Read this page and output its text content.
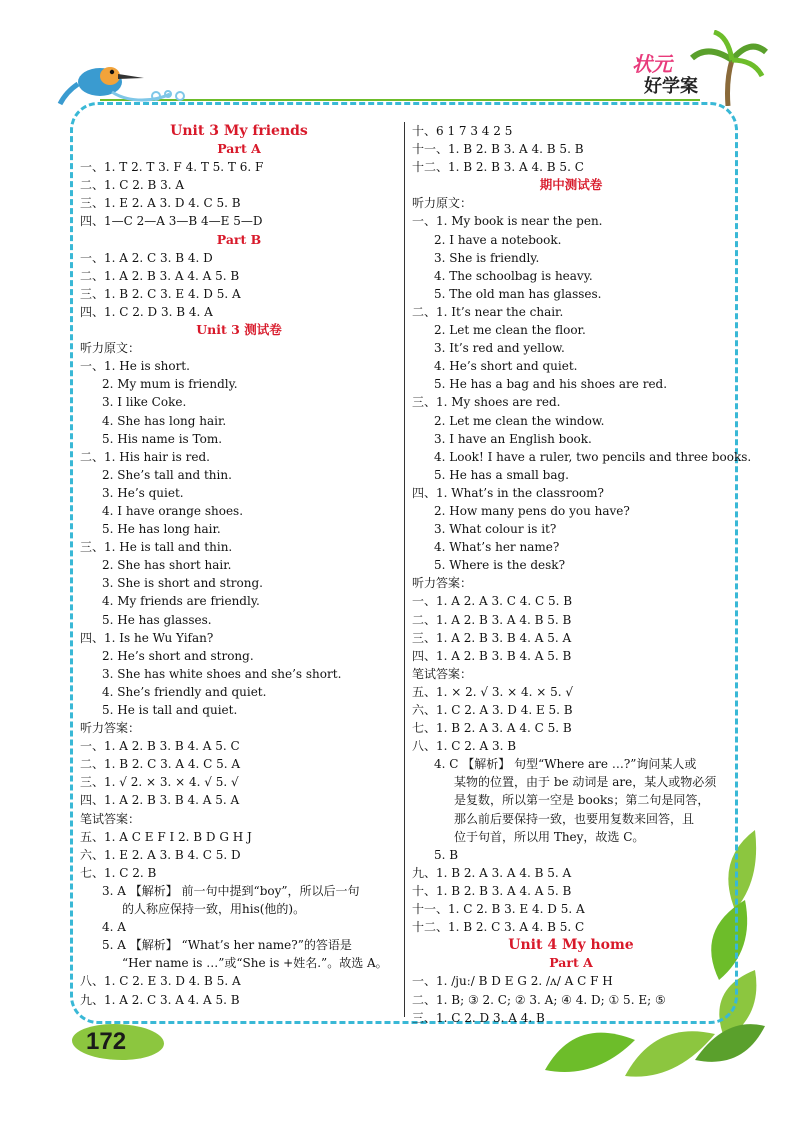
状元
好学案
Unit 3 My friends
Part A
一、1. T 2. T 3. F 4. T 5. T 6. F
二、1. C 2. B 3. A
三、1. E 2. A 3. D 4. C 5. B
四、1—C 2—A 3—B 4—E 5—D
Part B
一、1. A 2. C 3. B 4. D
二、1. A 2. B 3. A 4. A 5. B
三、1. B 2. C 3. E 4. D 5. A
四、1. C 2. D 3. B 4. A
Unit 3 测试卷
听力原文：
一、1. He is short.
2. My mum is friendly.
3. I like Coke.
4. She has long hair.
5. His name is Tom.
二、1. His hair is red.
2. She’s tall and thin.
3. He’s quiet.
4. I have orange shoes.
5. He has long hair.
三、1. He is tall and thin.
2. She has short hair.
3. She is short and strong.
4. My friends are friendly.
5. He has glasses.
四、1. Is he Wu Yifan?
2. He’s short and strong.
3. She has white shoes and she’s short.
4. She’s friendly and quiet.
5. He is tall and quiet.
听力答案：
一、1. A 2. B 3. B 4. A 5. C
二、1. B 2. C 3. A 4. C 5. A
三、1. √ 2. × 3. × 4. √ 5. √
四、1. A 2. B 3. B 4. A 5. A
笔试答案：
五、1. A C E F I 2. B D G H J
六、1. E 2. A 3. B 4. C 5. D
七、1. C 2. B
3. A 【解析】 前一句中提到“boy”，所以后一句
的人称应保持一致，用his(他的)。
4. A
5. A 【解析】 “What’s her name?”的答语是
“Her name is …”或“She is +姓名.”。故选 A。
八、1. C 2. E 3. D 4. B 5. A
九、1. A 2. C 3. A 4. A 5. B
十、6 1 7 3 4 2 5
十一、1. B 2. B 3. A 4. B 5. B
十二、1. B 2. B 3. A 4. B 5. C
期中测试卷
听力原文：
一、1. My book is near the pen.
2. I have a notebook.
3. She is friendly.
4. The schoolbag is heavy.
5. The old man has glasses.
二、1. It’s near the chair.
2. Let me clean the floor.
3. It’s red and yellow.
4. He’s short and quiet.
5. He has a bag and his shoes are red.
三、1. My shoes are red.
2. Let me clean the window.
3. I have an English book.
4. Look! I have a ruler, two pencils and three books.
5. He has a small bag.
四、1. What’s in the classroom?
2. How many pens do you have?
3. What colour is it?
4. What’s her name?
5. Where is the desk?
听力答案：
一、1. A 2. A 3. C 4. C 5. B
二、1. A 2. B 3. A 4. B 5. B
三、1. A 2. B 3. B 4. A 5. A
四、1. A 2. B 3. B 4. A 5. B
笔试答案：
五、1. × 2. √ 3. × 4. × 5. √
六、1. C 2. A 3. D 4. E 5. B
七、1. B 2. A 3. A 4. C 5. B
八、1. C 2. A 3. B
4. C 【解析】 句型“Where are …?”询问某人或
某物的位置，由于 be 动词是 are，某人或物必须
是复数，所以第一空是 books；第二句是同答，
那么前后要保持一致，也要用复数来回答，且
位于句首，所以用 They，故选 C。
5. B
九、1. B 2. A 3. A 4. B 5. A
十、1. B 2. B 3. A 4. A 5. B
十一、1. C 2. B 3. E 4. D 5. A
十二、1. B 2. C 3. A 4. B 5. C
Unit 4 My home
Part A
一、1. /juː/ B D E G 2. /ʌ/ A C F H
二、1. B; ③ 2. C; ② 3. A; ④ 4. D; ① 5. E; ⑤
三、1. C 2. D 3. A 4. B
172
